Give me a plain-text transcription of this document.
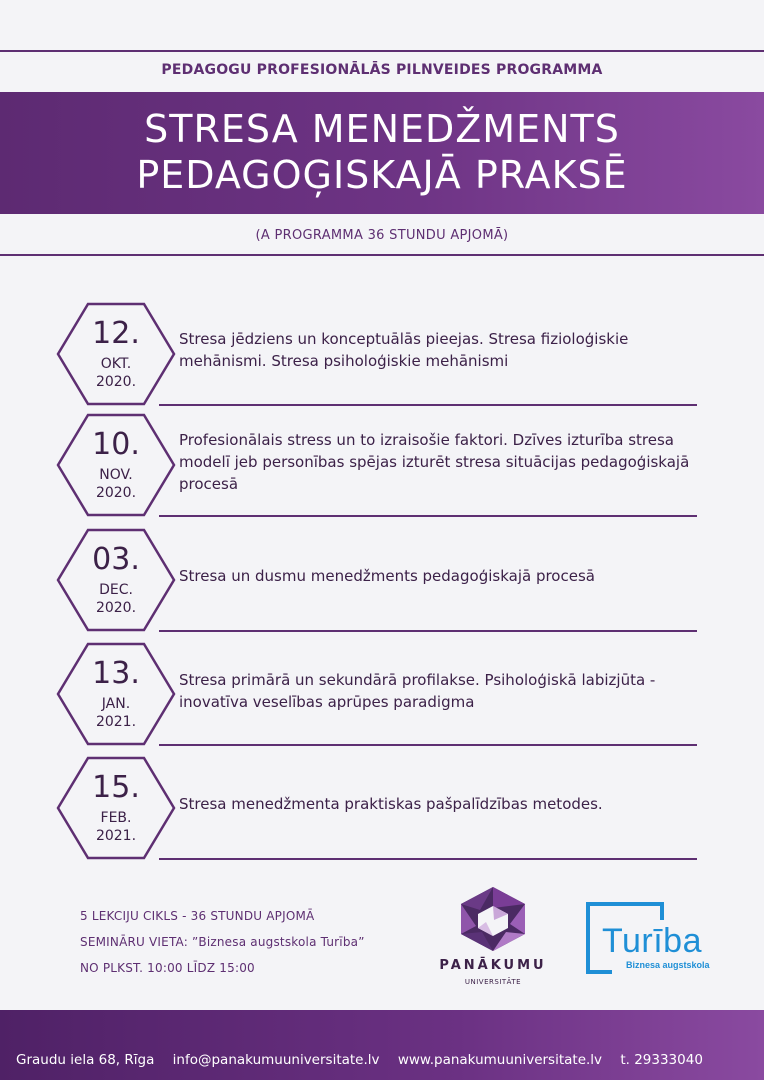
PEDAGOGU PROFESIONĀLĀS PILNVEIDES PROGRAMMA
STRESA MENEDŽMENTS
PEDAGOĢISKAJĀ PRAKSĒ
(A PROGRAMMA 36 STUNDU APJOMĀ)
12.
OKT.
2020.
Stresa jēdziens un konceptuālās pieejas. Stresa fizioloģiskie mehānismi. Stresa psiholoģiskie mehānismi
10.
NOV.
2020.
Profesionālais stress un to izraisošie faktori. Dzīves izturība stresa modelī jeb personības spējas izturēt stresa situācijas pedagoģiskajā procesā
03.
DEC.
2020.
Stresa un dusmu menedžments pedagoģiskajā procesā
13.
JAN.
2021.
Stresa primārā un sekundārā profilakse. Psiholoģiskā labizjūta - inovatīva veselības aprūpes paradigma
15.
FEB.
2021.
Stresa menedžmenta praktiskas pašpalīdzības metodes.
5 LEKCIJU CIKLS - 36 STUNDU APJOMĀ
SEMINĀRU VIETA: ”Biznesa augstskola Turība”
NO PLKST. 10:00 LĪDZ 15:00	PANĀKUMU
UNIVERSITĀTE
Turība
Biznesa augstskola
Graudu iela 68, Rīga info@panakumuuniversitate.lv www.panakumuuniversitate.lv t. 29333040
